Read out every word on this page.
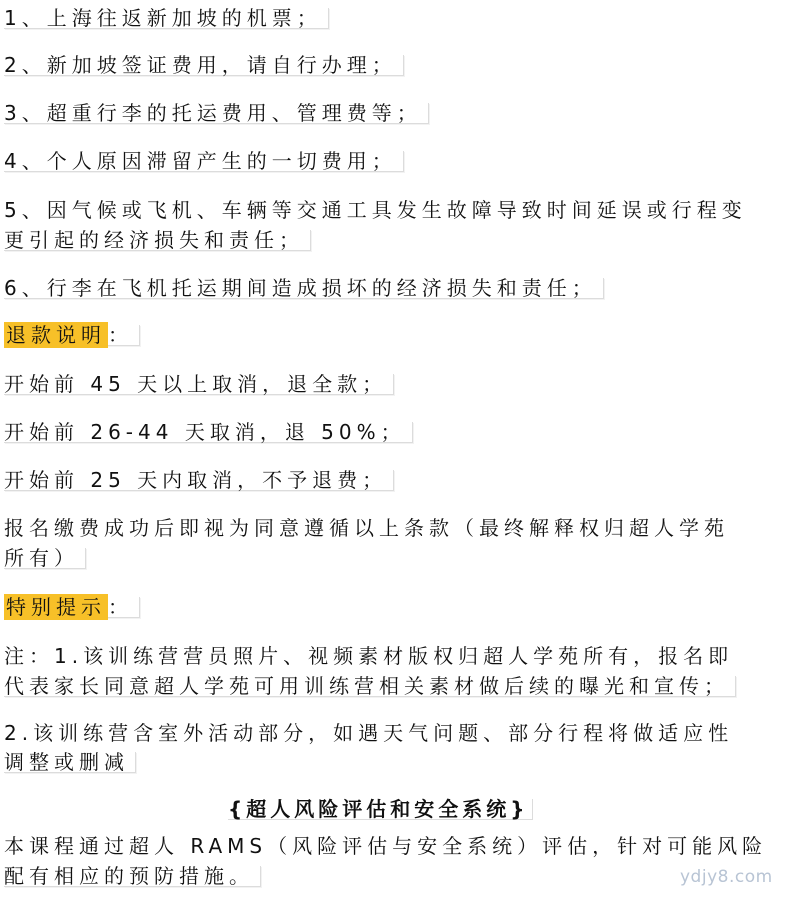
1、上海往返新加坡的机票；
2、新加坡签证费用，请自行办理；
3、超重行李的托运费用、管理费等；
4、个人原因滞留产生的一切费用；
5、因气候或飞机、车辆等交通工具发生故障导致时间延误或行程变
更引起的经济损失和责任；
6、行李在飞机托运期间造成损坏的经济损失和责任；
退款说明 ：
开始前 45 天以上取消，退全款；
开始前 26-44 天取消，退 50%；
开始前 25 天内取消，不予退费；
报名缴费成功后即视为同意遵循以上条款（最终解释权归超人学苑
所有）
特别提示 ：
注：1.该训练营营员照片、视频素材版权归超人学苑所有，报名即
代表家长同意超人学苑可用训练营相关素材做后续的曝光和宣传；
2.该训练营含室外活动部分，如遇天气问题、部分行程将做适应性
调整或删减
{超人风险评估和安全系统}
本课程通过超人 RAMS（风险评估与安全系统）评估，针对可能风险
配有相应的预防措施。	ydjy8.com
